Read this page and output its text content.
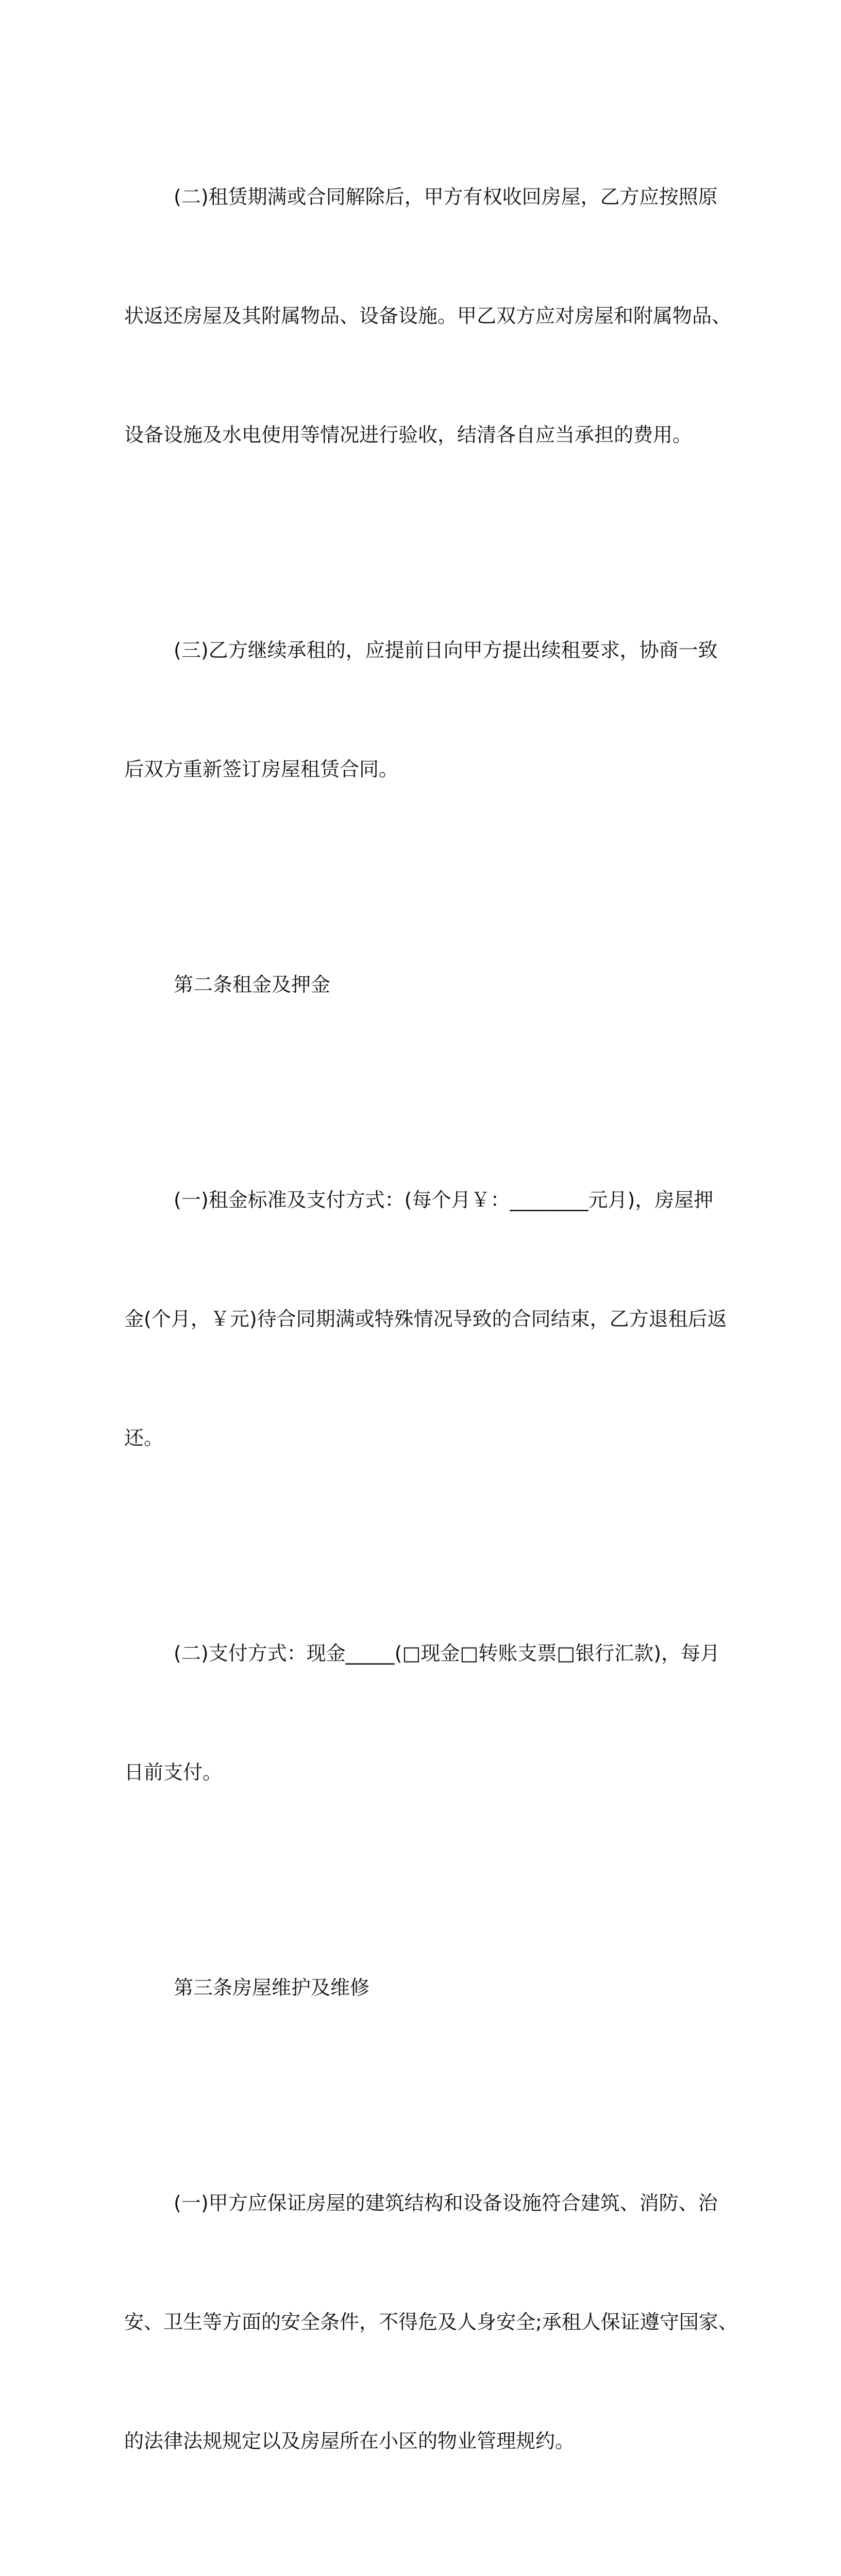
(二)租赁期满或合同解除后，甲方有权收回房屋，乙方应按照原

状返还房屋及其附属物品、设备设施。甲乙双方应对房屋和附属物品、

设备设施及水电使用等情况进行验收，结清各自应当承担的费用。

(三)乙方继续承租的，应提前日向甲方提出续租要求，协商一致

后双方重新签订房屋租赁合同。

第二条租金及押金

(一)租金标准及支付方式：(每个月￥：________元月)，房屋押

金(个月，￥元)待合同期满或特殊情况导致的合同结束，乙方退租后返

还。

(二)支付方式：现金_____(□现金□转账支票□银行汇款)，每月

日前支付。

第三条房屋维护及维修

(一)甲方应保证房屋的建筑结构和设备设施符合建筑、消防、治

安、卫生等方面的安全条件，不得危及人身安全;承租人保证遵守国家、

的法律法规规定以及房屋所在小区的物业管理规约。
